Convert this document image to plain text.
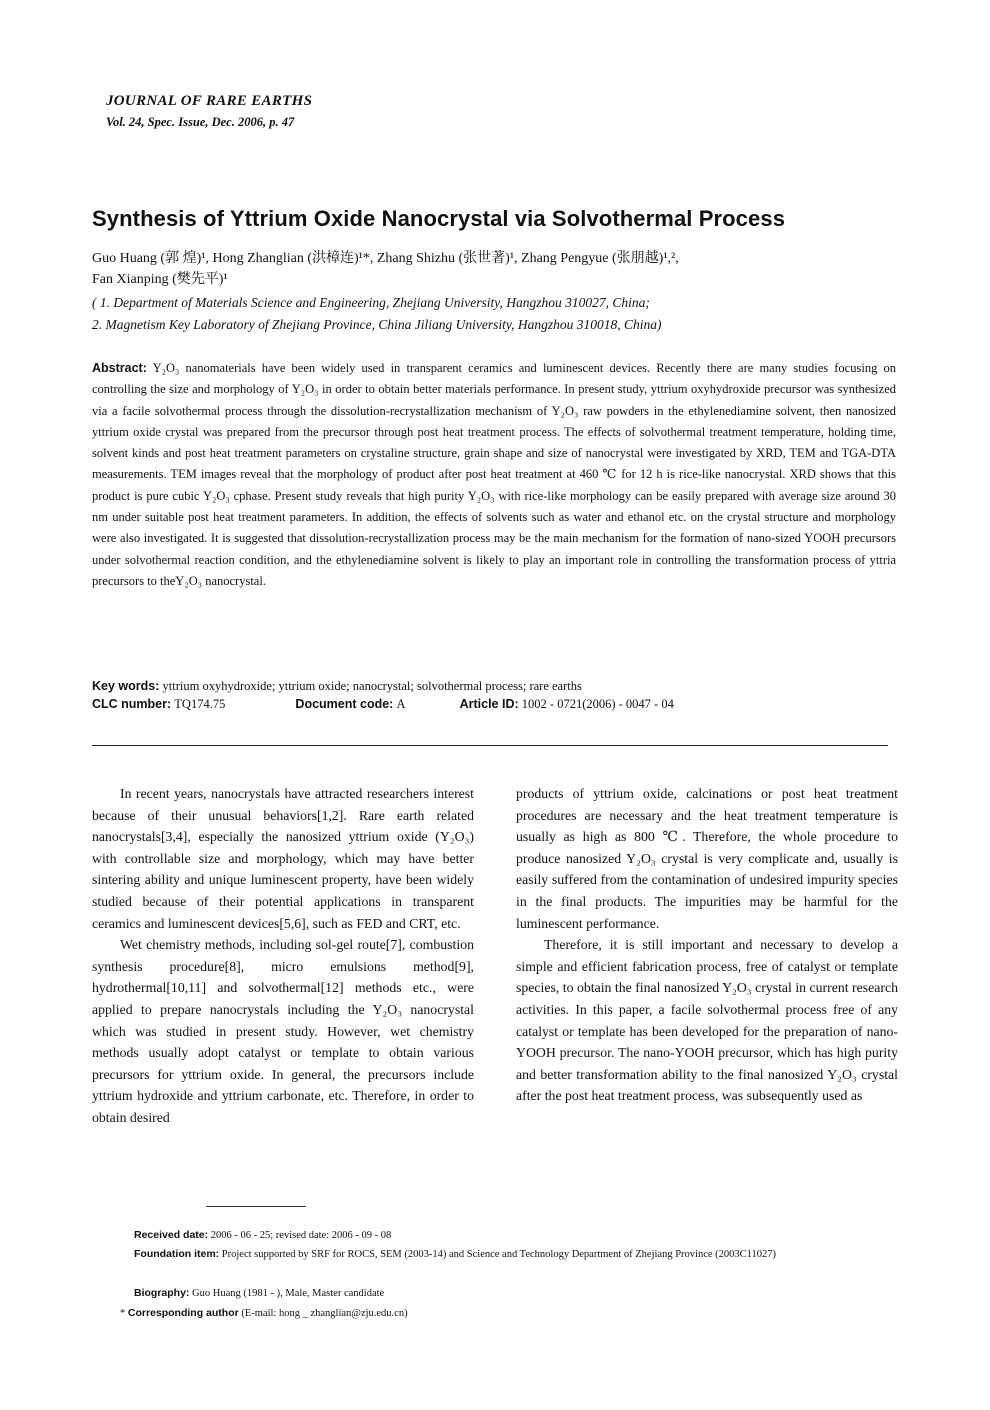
JOURNAL OF RARE EARTHS
Vol. 24, Spec. Issue, Dec. 2006, p. 47
Synthesis of Yttrium Oxide Nanocrystal via Solvothermal Process
Guo Huang (郭 煌)¹, Hong Zhanglian (洪樟连)¹*, Zhang Shizhu (张世著)¹, Zhang Pengyue (张朋越)¹,²,
Fan Xianping (樊先平)¹
( 1. Department of Materials Science and Engineering, Zhejiang University, Hangzhou 310027, China;
2. Magnetism Key Laboratory of Zhejiang Province, China Jiliang University, Hangzhou 310018, China)
Abstract: Y₂O₃ nanomaterials have been widely used in transparent ceramics and luminescent devices. Recently there are many studies focusing on controlling the size and morphology of Y₂O₃ in order to obtain better materials performance. In present study, yttrium oxyhydroxide precursor was synthesized via a facile solvothermal process through the dissolution-recrystallization mechanism of Y₂O₃ raw powders in the ethylenediamine solvent, then nanosized yttrium oxide crystal was prepared from the precursor through post heat treatment process. The effects of solvothermal treatment temperature, holding time, solvent kinds and post heat treatment parameters on crystaline structure, grain shape and size of nanocrystal were investigated by XRD, TEM and TGA-DTA measurements. TEM images reveal that the morphology of product after post heat treatment at 460 ℃ for 12 h is rice-like nanocrystal. XRD shows that this product is pure cubic Y₂O₃ cphase. Present study reveals that high purity Y₂O₃ with rice-like morphology can be easily prepared with average size around 30 nm under suitable post heat treatment parameters. In addition, the effects of solvents such as water and ethanol etc. on the crystal structure and morphology were also investigated. It is suggested that dissolution-recrystallization process may be the main mechanism for the formation of nano-sized YOOH precursors under solvothermal reaction condition, and the ethylenediamine solvent is likely to play an important role in controlling the transformation process of yttria precursors to theY₂O₃ nanocrystal.
Key words: yttrium oxyhydroxide; yttrium oxide; nanocrystal; solvothermal process; rare earths
CLC number: TQ174.75	Document code: A	Article ID: 1002 - 0721(2006) - 0047 - 04

In recent years, nanocrystals have attracted researchers interest because of their unusual behaviors[1,2]. Rare earth related nanocrystals[3,4], especially the nanosized yttrium oxide (Y₂O₃) with controllable size and morphology, which may have better sintering ability and unique luminescent property, have been widely studied because of their potential applications in transparent ceramics and luminescent devices[5,6], such as FED and CRT, etc.

Wet chemistry methods, including sol-gel route[7], combustion synthesis procedure[8], micro emulsions method[9], hydrothermal[10,11] and solvothermal[12] methods etc., were applied to prepare nanocrystals including the Y₂O₃ nanocrystal which was studied in present study. However, wet chemistry methods usually adopt catalyst or template to obtain various precursors for yttrium oxide. In general, the precursors include yttrium hydroxide and yttrium carbonate, etc. Therefore, in order to obtain desired

products of yttrium oxide, calcinations or post heat treatment procedures are necessary and the heat treatment temperature is usually as high as 800 ℃. Therefore, the whole procedure to produce nanosized Y₂O₃ crystal is very complicate and, usually is easily suffered from the contamination of undesired impurity species in the final products. The impurities may be harmful for the luminescent performance.

Therefore, it is still important and necessary to develop a simple and efficient fabrication process, free of catalyst or template species, to obtain the final nanosized Y₂O₃ crystal in current research activities. In this paper, a facile solvothermal process free of any catalyst or template has been developed for the preparation of nano-YOOH precursor. The nano-YOOH precursor, which has high purity and better transformation ability to the final nanosized Y₂O₃ crystal after the post heat treatment process, was subsequently used as

Received date: 2006 - 06 - 25; revised date: 2006 - 09 - 08
Foundation item: Project supported by SRF for ROCS, SEM (2003-14) and Science and Technology Department of Zhejiang Province (2003C11027)
Biography: Guo Huang (1981 - ), Male, Master candidate
* Corresponding author (E-mail: hong _ zhanglian@zju.edu.cn)
